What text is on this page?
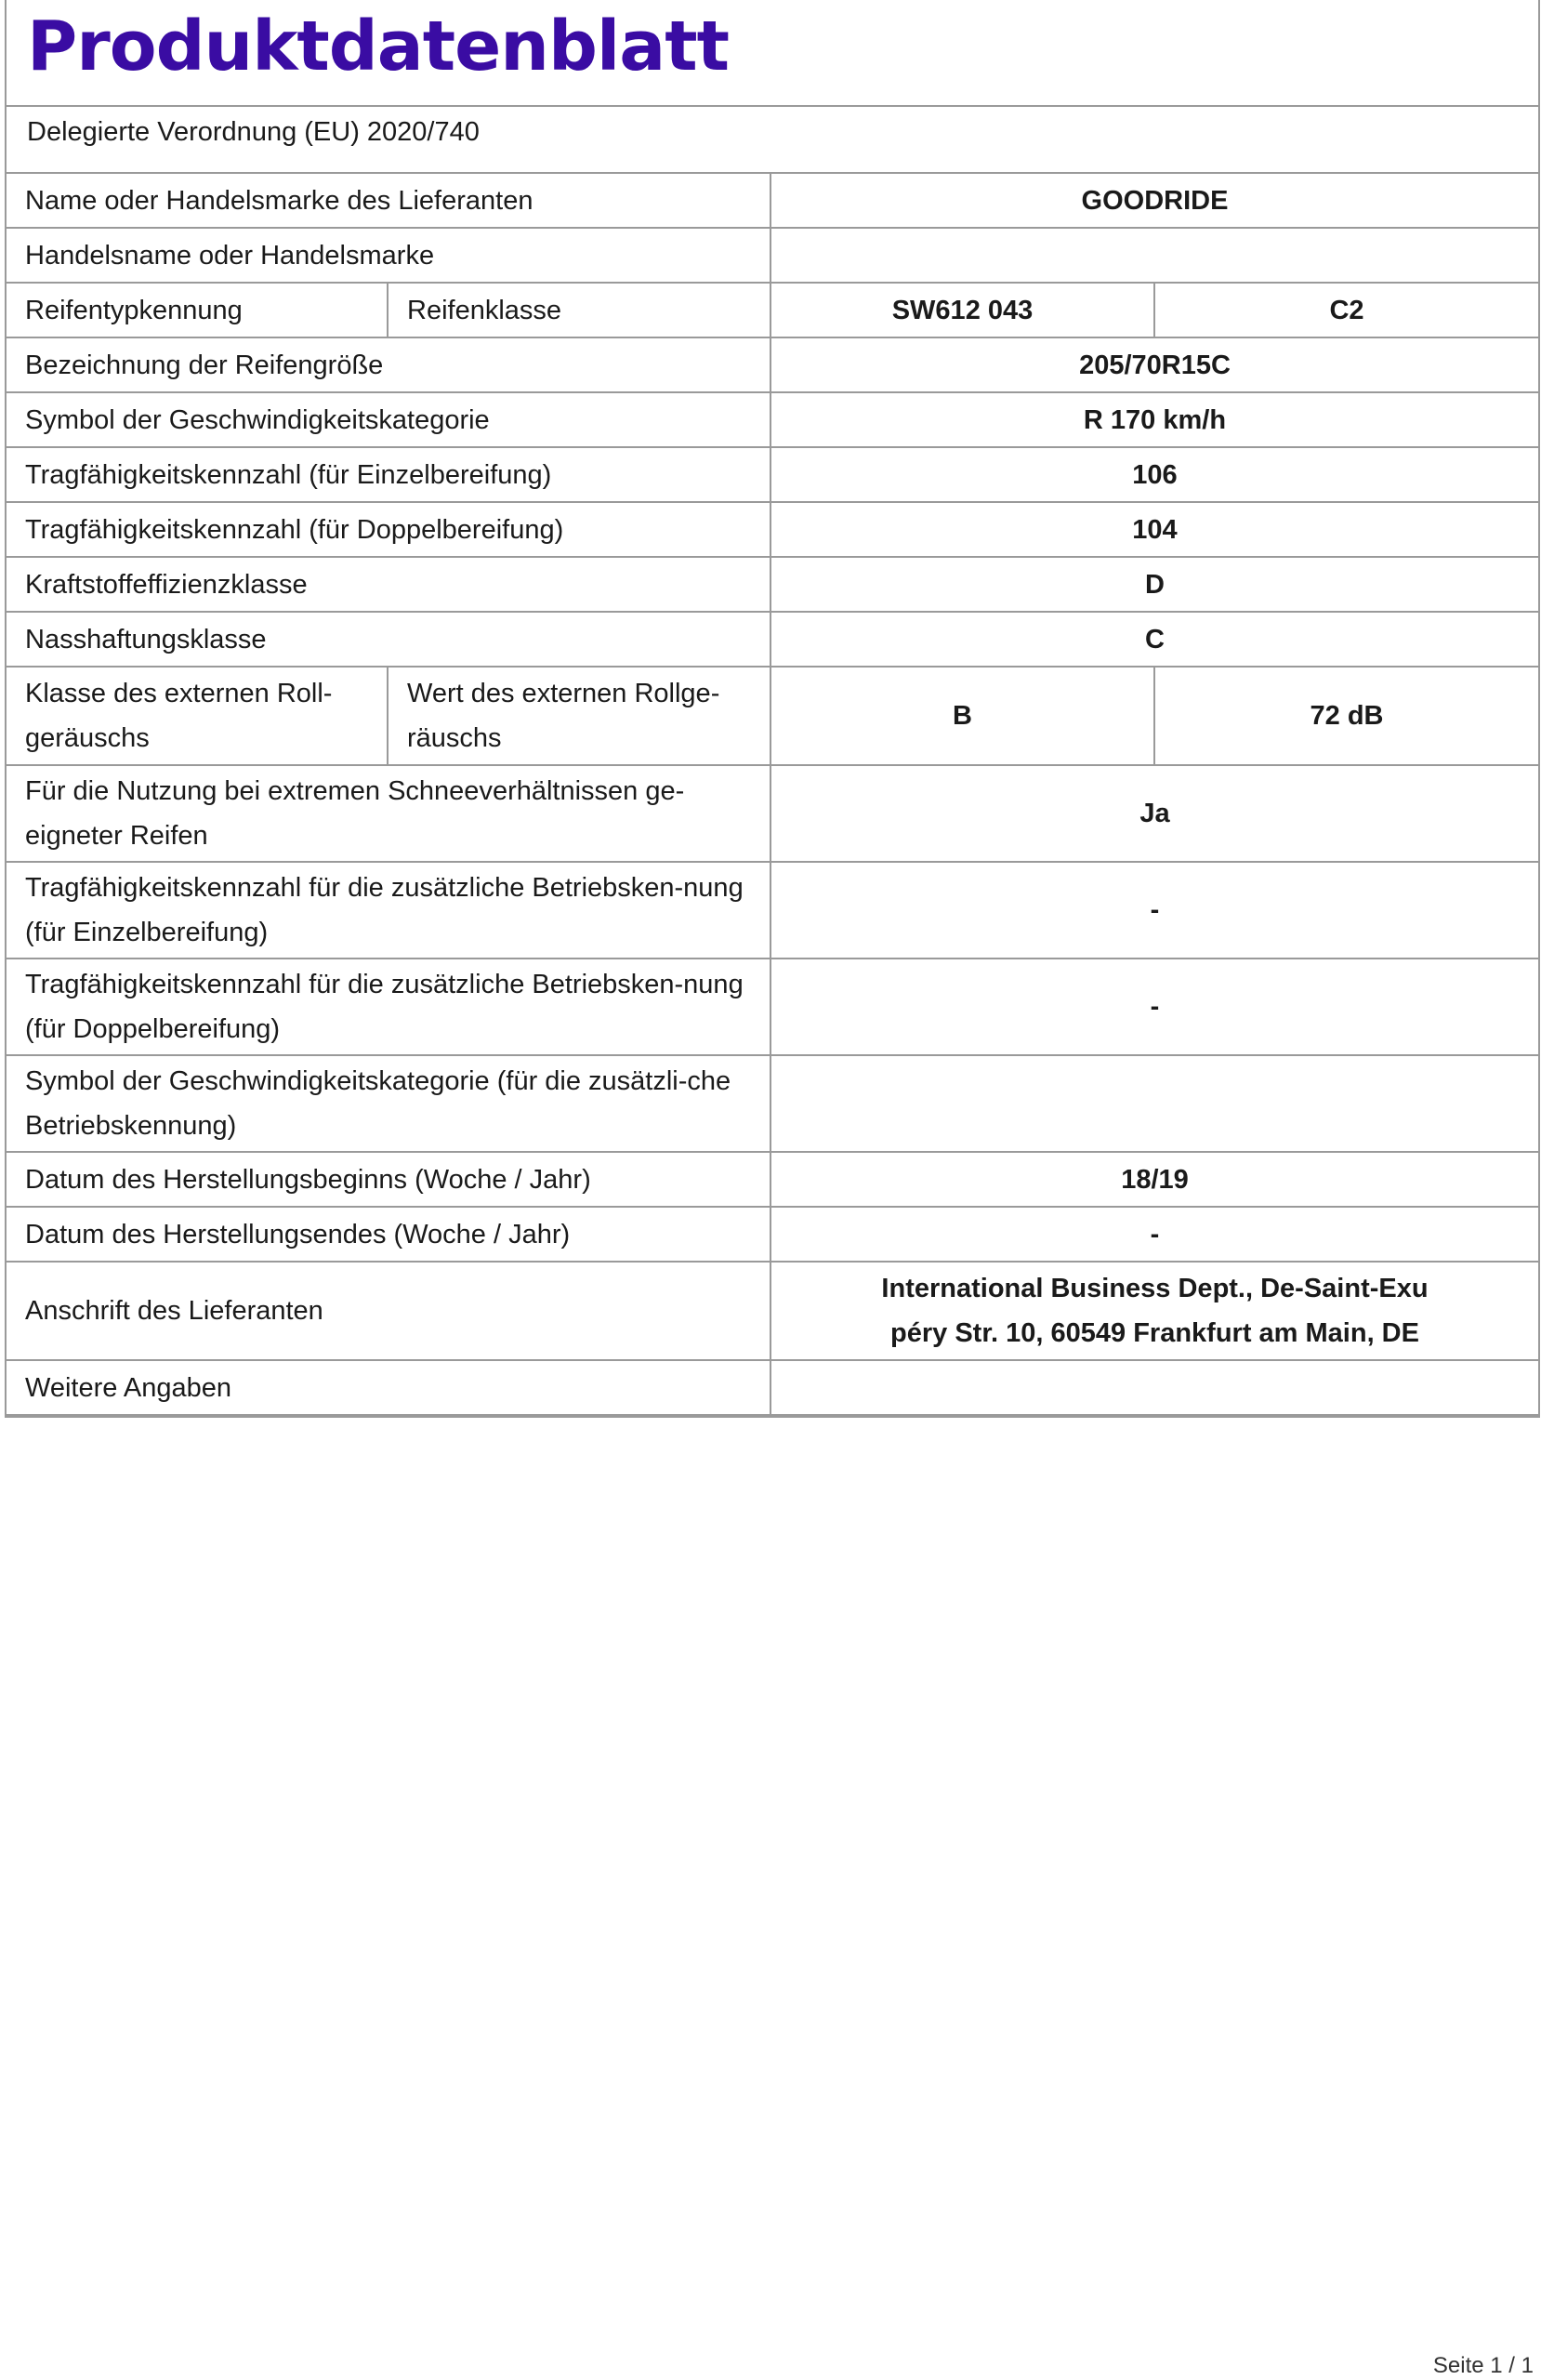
Produktdatenblatt
Delegierte Verordnung (EU) 2020/740
Name oder Handelsmarke des Lieferanten		GOODRIDE	
Handelsname oder Handelsmarke			
Reifentypkennung	Reifenklasse	SW612 043	C2
Bezeichnung der Reifengröße		205/70R15C	
Symbol der Geschwindigkeitskategorie		R 170 km/h	
Tragfähigkeitskennzahl (für Einzelbereifung)		106	
Tragfähigkeitskennzahl (für Doppelbereifung)		104	
Kraftstoffeffizienzklasse		D	
Nasshaftungsklasse		C	
Klasse des externen Roll-geräuschs	Wert des externen Rollge-räuschs	B	72 dB
Für die Nutzung bei extremen Schneeverhältnissen ge-eigneter Reifen		Ja	
Tragfähigkeitskennzahl für die zusätzliche Betriebsken-nung (für Einzelbereifung)		-	
Tragfähigkeitskennzahl für die zusätzliche Betriebsken-nung (für Doppelbereifung)		-	
Symbol der Geschwindigkeitskategorie (für die zusätzli-che Betriebskennung)			
Datum des Herstellungsbeginns (Woche / Jahr)		18/19	
Datum des Herstellungsendes (Woche / Jahr)		-	
Anschrift des Lieferanten		International Business Dept., De-Saint-Exu
péry Str. 10, 60549 Frankfurt am Main, DE	

Weitere Angaben			
Seite 1 / 1
